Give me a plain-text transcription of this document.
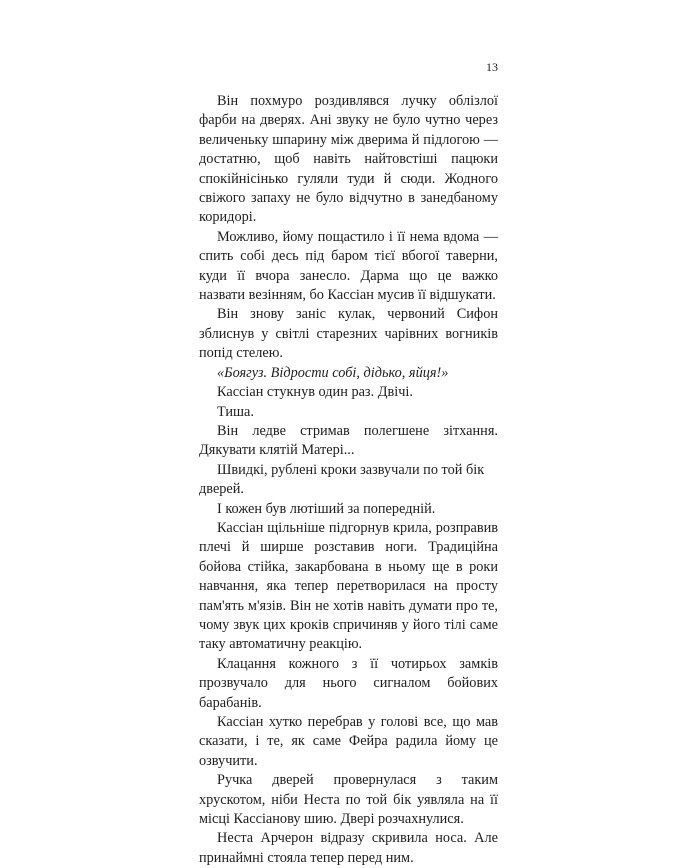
13

Він похмуро роздивлявся лучку облізлої фарби на дверях. Ані звуку не було чутно через величеньку шпарину між дверима й підлогою — достатню, щоб навіть найтовстіші пацюки спокійнісінько гуляли туди й сюди. Жодного свіжого запаху не було відчутно в занедбаному коридорі.

Можливо, йому пощастило і її нема вдома — спить собі десь під баром тієї вбогої таверни, куди її вчора занесло. Дарма що це важко назвати везінням, бо Кассіан мусив її відшукати.

Він знову заніс кулак, червоний Сифон зблиснув у світлі старезних чарівних вогників попід стелею.

«Боягуз. Відрости собі, дідько, яйця!»

Кассіан стукнув один раз. Двічі.

Тиша.

Він ледве стримав полегшене зітхання. Дякувати клятій Матері...

Швидкі, рублені кроки зазвучали по той бік дверей.

І кожен був лютіший за попередній.

Кассіан щільніше підгорнув крила, розправив плечі й ширше розставив ноги. Традиційна бойова стійка, закарбована в ньому ще в роки навчання, яка тепер перетворилася на просту пам'ять м'язів. Він не хотів навіть думати про те, чому звук цих кроків спричиняв у його тілі саме таку автоматичну реакцію.

Клацання кожного з її чотирьох замків прозвучало для нього сигналом бойових барабанів.

Кассіан хутко перебрав у голові все, що мав сказати, і те, як саме Фейра радила йому це озвучити.

Ручка дверей провернулася з таким хрускотом, ніби Неста по той бік уявляла на її місці Кассіанову шию. Двері розчахнулися.

Неста Арчерон відразу скривила носа. Але принаймні стояла тепер перед ним.
